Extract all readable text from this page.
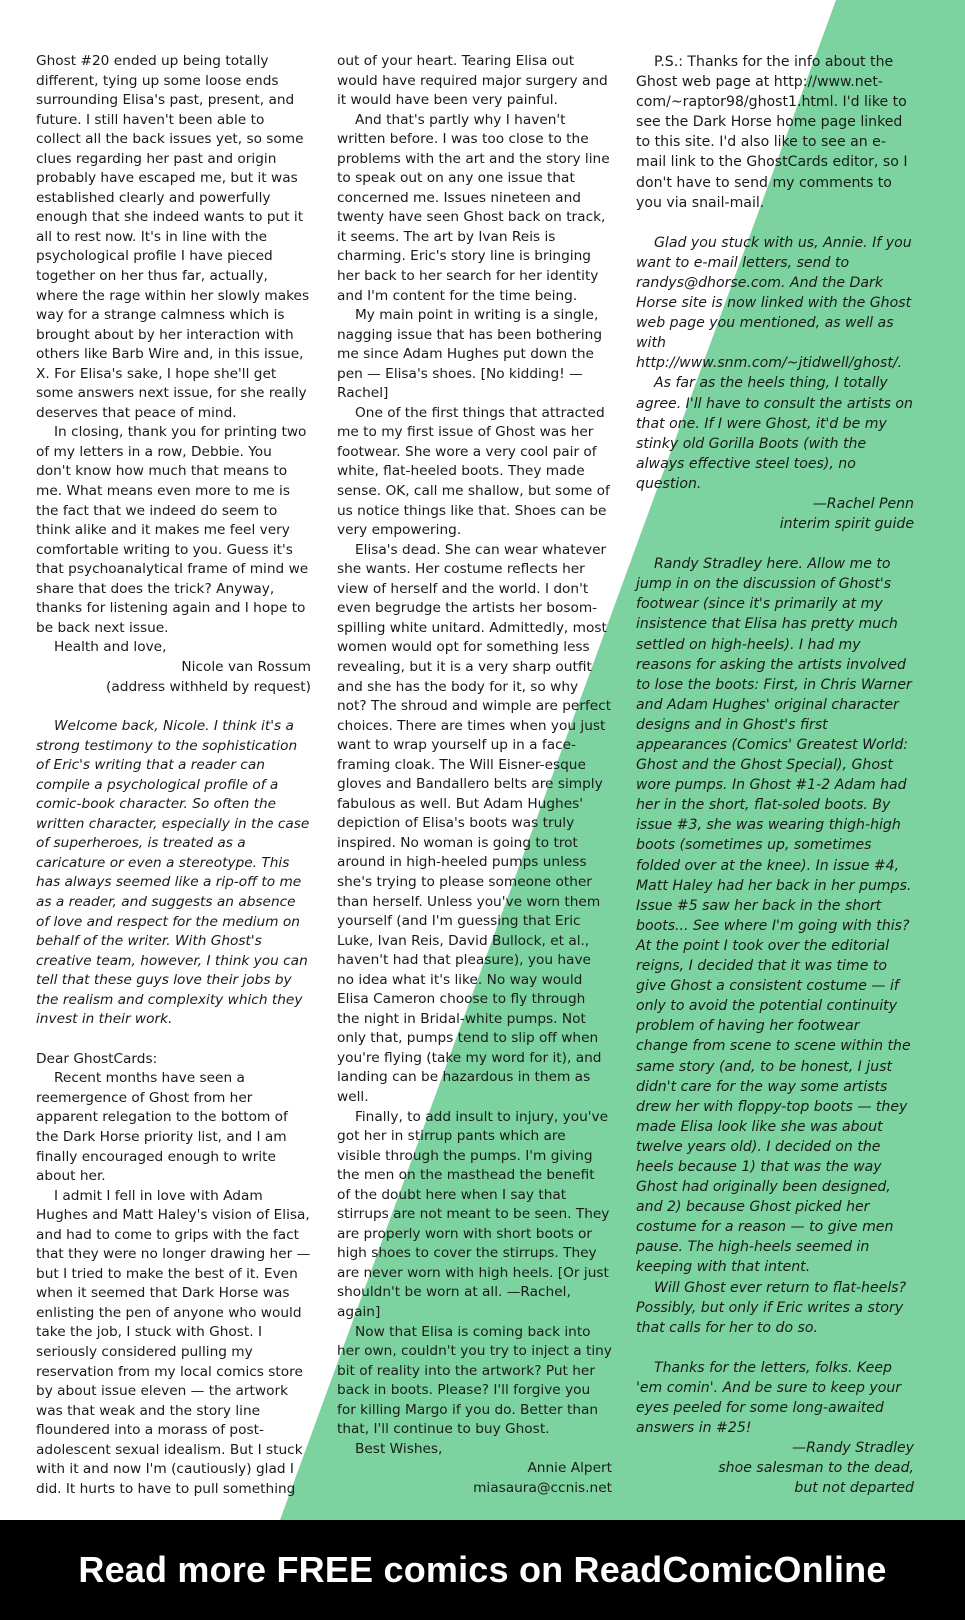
Ghost #20 ended up being totally different, tying up some loose ends surrounding Elisa's past, present, and future. I still haven't been able to collect all the back issues yet, so some clues regarding her past and origin probably have escaped me, but it was established clearly and powerfully enough that she indeed wants to put it all to rest now. It's in line with the psychological profile I have pieced together on her thus far, actually, where the rage within her slowly makes way for a strange calmness which is brought about by her interaction with others like Barb Wire and, in this issue, X. For Elisa's sake, I hope she'll get some answers next issue, for she really deserves that peace of mind.

In closing, thank you for printing two of my letters in a row, Debbie. You don't know how much that means to me. What means even more to me is the fact that we indeed do seem to think alike and it makes me feel very comfortable writing to you. Guess it's that psychoanalytical frame of mind we share that does the trick? Anyway, thanks for listening again and I hope to be back next issue.

Health and love,

Nicole van Rossum

(address withheld by request)

Welcome back, Nicole. I think it's a strong testimony to the sophistication of Eric's writing that a reader can compile a psychological profile of a comic-book character. So often the written character, especially in the case of superheroes, is treated as a caricature or even a stereotype. This has always seemed like a rip-off to me as a reader, and suggests an absence of love and respect for the medium on behalf of the writer. With Ghost's creative team, however, I think you can tell that these guys love their jobs by the realism and complexity which they invest in their work.

Dear GhostCards:

Recent months have seen a reemergence of Ghost from her apparent relegation to the bottom of the Dark Horse priority list, and I am finally encouraged enough to write about her.

I admit I fell in love with Adam Hughes and Matt Haley's vision of Elisa, and had to come to grips with the fact that they were no longer drawing her — but I tried to make the best of it. Even when it seemed that Dark Horse was enlisting the pen of anyone who would take the job, I stuck with Ghost. I seriously considered pulling my reservation from my local comics store by about issue eleven — the artwork was that weak and the story line floundered into a morass of post-adolescent sexual idealism. But I stuck with it and now I'm (cautiously) glad I did. It hurts to have to pull something

out of your heart. Tearing Elisa out would have required major surgery and it would have been very painful.

And that's partly why I haven't written before. I was too close to the problems with the art and the story line to speak out on any one issue that concerned me. Issues nineteen and twenty have seen Ghost back on track, it seems. The art by Ivan Reis is charming. Eric's story line is bringing her back to her search for her identity and I'm content for the time being.

My main point in writing is a single, nagging issue that has been bothering me since Adam Hughes put down the pen — Elisa's shoes. [No kidding! —Rachel]

One of the first things that attracted me to my first issue of Ghost was her footwear. She wore a very cool pair of white, flat-heeled boots. They made sense. OK, call me shallow, but some of us notice things like that. Shoes can be very empowering.

Elisa's dead. She can wear whatever she wants. Her costume reflects her view of herself and the world. I don't even begrudge the artists her bosom-spilling white unitard. Admittedly, most women would opt for something less revealing, but it is a very sharp outfit and she has the body for it, so why not? The shroud and wimple are perfect choices. There are times when you just want to wrap yourself up in a face-framing cloak. The Will Eisner-esque gloves and Bandallero belts are simply fabulous as well. But Adam Hughes' depiction of Elisa's boots was truly inspired. No woman is going to trot around in high-heeled pumps unless she's trying to please someone other than herself. Unless you've worn them yourself (and I'm guessing that Eric Luke, Ivan Reis, David Bullock, et al., haven't had that pleasure), you have no idea what it's like. No way would Elisa Cameron choose to fly through the night in Bridal-white pumps. Not only that, pumps tend to slip off when you're flying (take my word for it), and landing can be hazardous in them as well.

Finally, to add insult to injury, you've got her in stirrup pants which are visible through the pumps. I'm giving the men on the masthead the benefit of the doubt here when I say that stirrups are not meant to be seen. They are properly worn with short boots or high shoes to cover the stirrups. They are never worn with high heels. [Or just shouldn't be worn at all. —Rachel, again]

Now that Elisa is coming back into her own, couldn't you try to inject a tiny bit of reality into the artwork? Put her back in boots. Please? I'll forgive you for killing Margo if you do. Better than that, I'll continue to buy Ghost.

Best Wishes,

Annie Alpert

miasaura@ccnis.net

P.S.: Thanks for the info about the Ghost web page at http://www.net-com/~raptor98/ghost1.html. I'd like to see the Dark Horse home page linked to this site. I'd also like to see an e-mail link to the GhostCards editor, so I don't have to send my comments to you via snail-mail.

Glad you stuck with us, Annie. If you want to e-mail letters, send to randys@dhorse.com. And the Dark Horse site is now linked with the Ghost web page you mentioned, as well as with http://www.snm.com/~jtidwell/ghost/.

As far as the heels thing, I totally agree. I'll have to consult the artists on that one. If I were Ghost, it'd be my stinky old Gorilla Boots (with the always effective steel toes), no question.

—Rachel Penn

interim spirit guide

Randy Stradley here. Allow me to jump in on the discussion of Ghost's footwear (since it's primarily at my insistence that Elisa has pretty much settled on high-heels). I had my reasons for asking the artists involved to lose the boots: First, in Chris Warner and Adam Hughes' original character designs and in Ghost's first appearances (Comics' Greatest World: Ghost and the Ghost Special), Ghost wore pumps. In Ghost #1-2 Adam had her in the short, flat-soled boots. By issue #3, she was wearing thigh-high boots (sometimes up, sometimes folded over at the knee). In issue #4, Matt Haley had her back in her pumps. Issue #5 saw her back in the short boots... See where I'm going with this? At the point I took over the editorial reigns, I decided that it was time to give Ghost a consistent costume — if only to avoid the potential continuity problem of having her footwear change from scene to scene within the same story (and, to be honest, I just didn't care for the way some artists drew her with floppy-top boots — they made Elisa look like she was about twelve years old). I decided on the heels because 1) that was the way Ghost had originally been designed, and 2) because Ghost picked her costume for a reason — to give men pause. The high-heels seemed in keeping with that intent.

Will Ghost ever return to flat-heels? Possibly, but only if Eric writes a story that calls for her to do so.

Thanks for the letters, folks. Keep 'em comin'. And be sure to keep your eyes peeled for some long-awaited answers in #25!

—Randy Stradley

shoe salesman to the dead,

but not departed

Read more FREE comics on ReadComicOnline
